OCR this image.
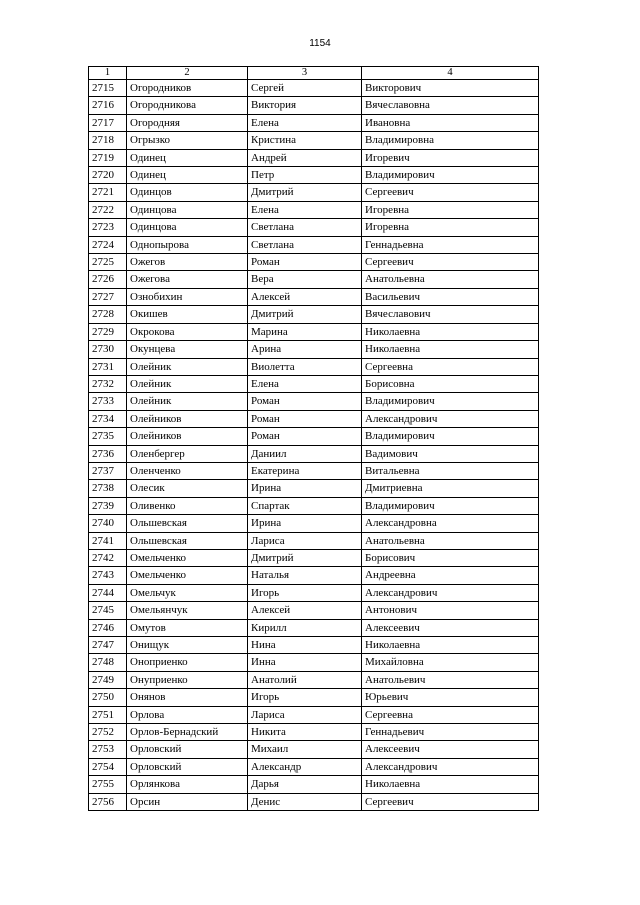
1154
1	2	3	4
2715	Огородников	Сергей	Викторович
2716	Огородникова	Виктория	Вячеславовна
2717	Огородняя	Елена	Ивановна
2718	Огрызко	Кристина	Владимировна
2719	Одинец	Андрей	Игоревич
2720	Одинец	Петр	Владимирович
2721	Одинцов	Дмитрий	Сергеевич
2722	Одинцова	Елена	Игоревна
2723	Одинцова	Светлана	Игоревна
2724	Однопырова	Светлана	Геннадьевна
2725	Ожегов	Роман	Сергеевич
2726	Ожегова	Вера	Анатольевна
2727	Ознобихин	Алексей	Васильевич
2728	Окишев	Дмитрий	Вячеславович
2729	Окрокова	Марина	Николаевна
2730	Окунцева	Арина	Николаевна
2731	Олейник	Виолетта	Сергеевна
2732	Олейник	Елена	Борисовна
2733	Олейник	Роман	Владимирович
2734	Олейников	Роман	Александрович
2735	Олейников	Роман	Владимирович
2736	Оленбергер	Даниил	Вадимович
2737	Оленченко	Екатерина	Витальевна
2738	Олесик	Ирина	Дмитриевна
2739	Оливенко	Спартак	Владимирович
2740	Ольшевская	Ирина	Александровна
2741	Ольшевская	Лариса	Анатольевна
2742	Омельченко	Дмитрий	Борисович
2743	Омельченко	Наталья	Андреевна
2744	Омельчук	Игорь	Александрович
2745	Омельянчук	Алексей	Антонович
2746	Омутов	Кирилл	Алексеевич
2747	Онищук	Нина	Николаевна
2748	Оноприенко	Инна	Михайловна
2749	Онуприенко	Анатолий	Анатольевич
2750	Онянов	Игорь	Юрьевич
2751	Орлова	Лариса	Сергеевна
2752	Орлов-Бернадский	Никита	Геннадьевич
2753	Орловский	Михаил	Алексеевич
2754	Орловский	Александр	Александрович
2755	Орлянкова	Дарья	Николаевна
2756	Орсин	Денис	Сергеевич
